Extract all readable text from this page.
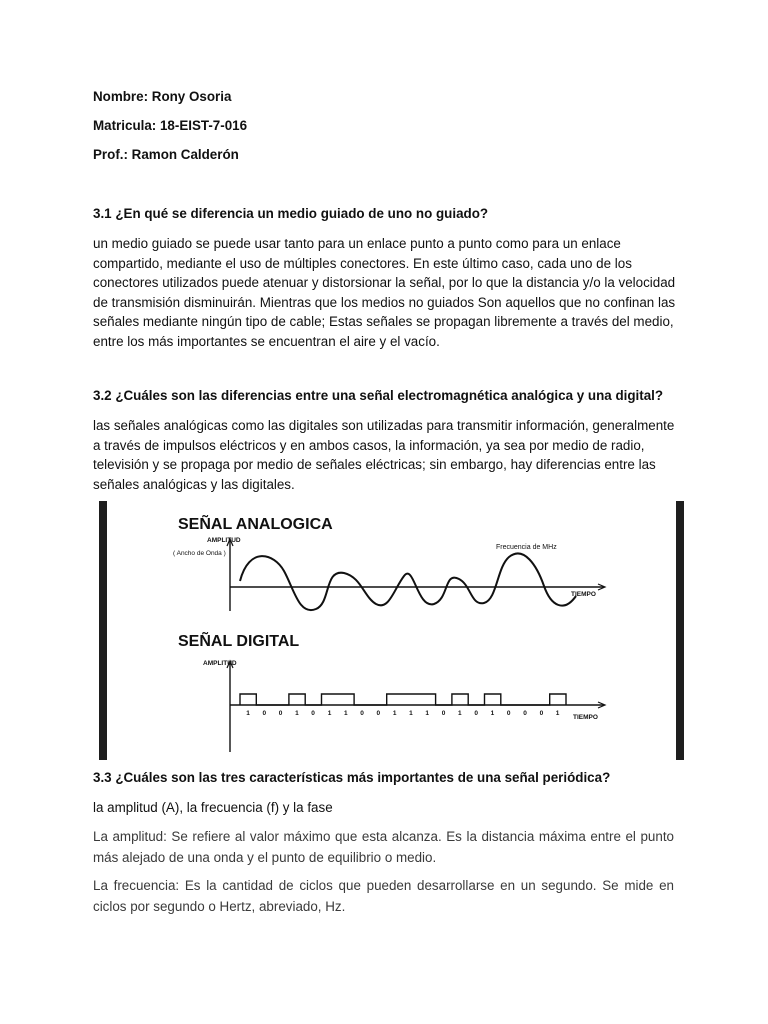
Nombre: Rony Osoria
Matricula: 18-EIST-7-016
Prof.: Ramon Calderón

3.1 ¿En qué se diferencia un medio guiado de uno no guiado?

un medio guiado se puede usar tanto para un enlace punto a punto como para un enlace compartido, mediante el uso de múltiples conectores. En este último caso, cada uno de los conectores utilizados puede atenuar y distorsionar la señal, por lo que la distancia y/o la velocidad de transmisión disminuirán. Mientras que los medios no guiados Son aquellos que no confinan las señales mediante ningún tipo de cable; Estas señales se propagan libremente a través del medio, entre los más importantes se encuentran el aire y el vacío.

3.2 ¿Cuáles son las diferencias entre una señal electromagnética analógica y una digital?

las señales analógicas como las digitales son utilizadas para transmitir información, generalmente a través de impulsos eléctricos y en ambos casos, la información, ya sea por medio de radio, televisión y se propaga por medio de señales eléctricas; sin embargo, hay diferencias entre las señales analógicas y las digitales.

SEÑAL ANALOGICA
AMPLITUD
( Ancho de Onda )
Frecuencia de MHz
TIEMPO
SEÑAL DIGITAL
AMPLITUD
TIEMPO
1 0 0 1 0 1 1 0 0 1 1 1 0 1 0 1 0 0 0 1

3.3 ¿Cuáles son las tres características más importantes de una señal periódica?

la amplitud (A), la frecuencia (f) y la fase

La amplitud: Se refiere al valor máximo que esta alcanza. Es la distancia máxima entre el punto más alejado de una onda y el punto de equilibrio o medio.

La frecuencia: Es la cantidad de ciclos que pueden desarrollarse en un segundo. Se mide en ciclos por segundo o Hertz, abreviado, Hz.
